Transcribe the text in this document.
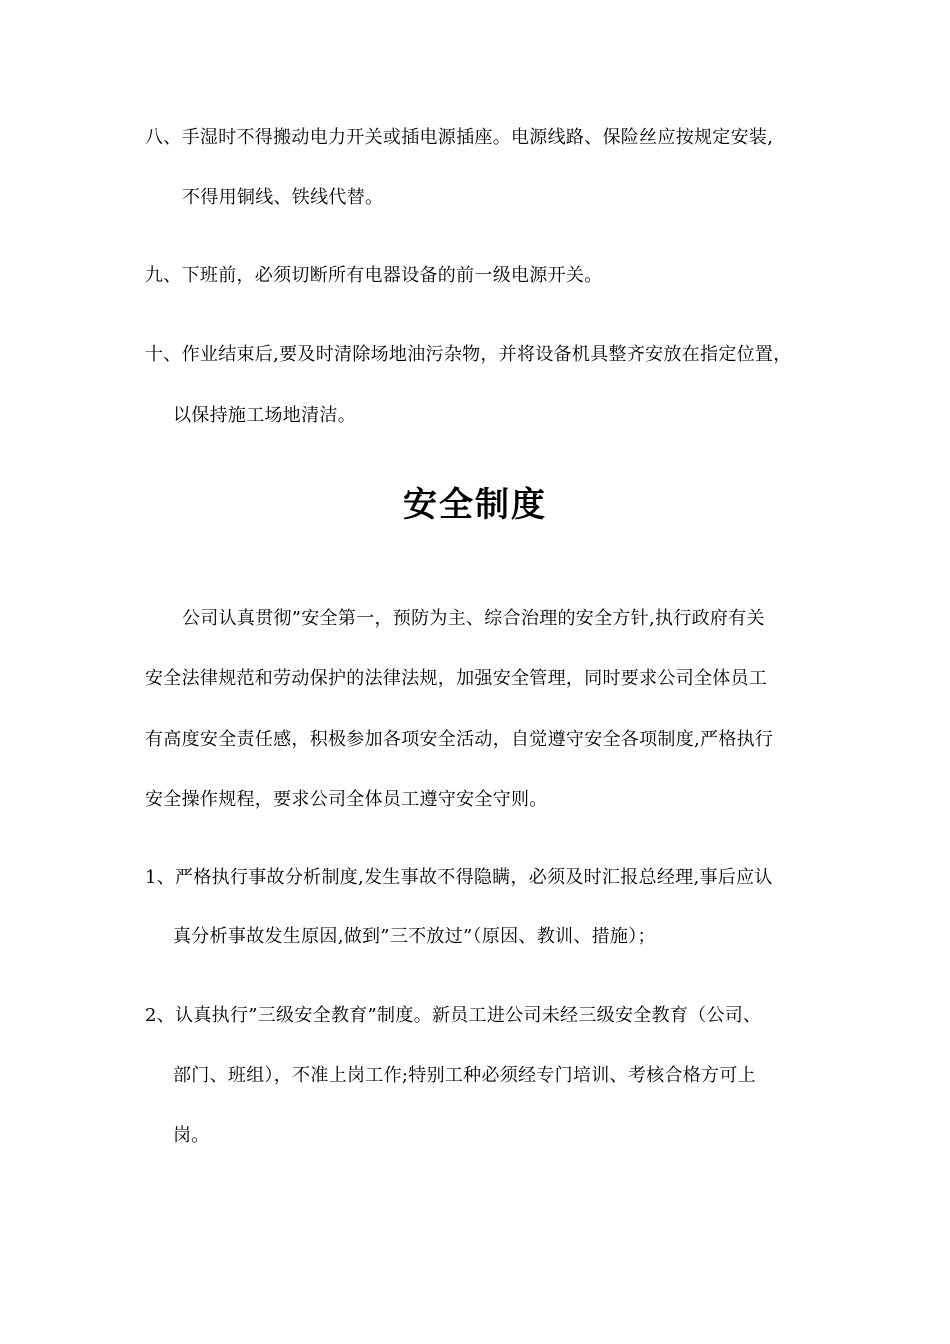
八、手湿时不得搬动电力开关或插电源插座。电源线路、保险丝应按规定安装,
不得用铜线、铁线代替。
九、下班前，必须切断所有电器设备的前一级电源开关。
十、作业结束后,要及时清除场地油污杂物，并将设备机具整齐安放在指定位置，
以保持施工场地清洁。
安全制度
公司认真贯彻”安全第一，预防为主、综合治理的安全方针,执行政府有关
安全法律规范和劳动保护的法律法规，加强安全管理，同时要求公司全体员工
有高度安全责任感，积极参加各项安全活动，自觉遵守安全各项制度,严格执行
安全操作规程，要求公司全体员工遵守安全守则。
1、严格执行事故分析制度,发生事故不得隐瞒，必须及时汇报总经理,事后应认
真分析事故发生原因,做到”三不放过”（原因、教训、措施）；
2、认真执行”三级安全教育”制度。新员工进公司未经三级安全教育（公司、
部门、班组），不准上岗工作;特别工种必须经专门培训、考核合格方可上
岗。
